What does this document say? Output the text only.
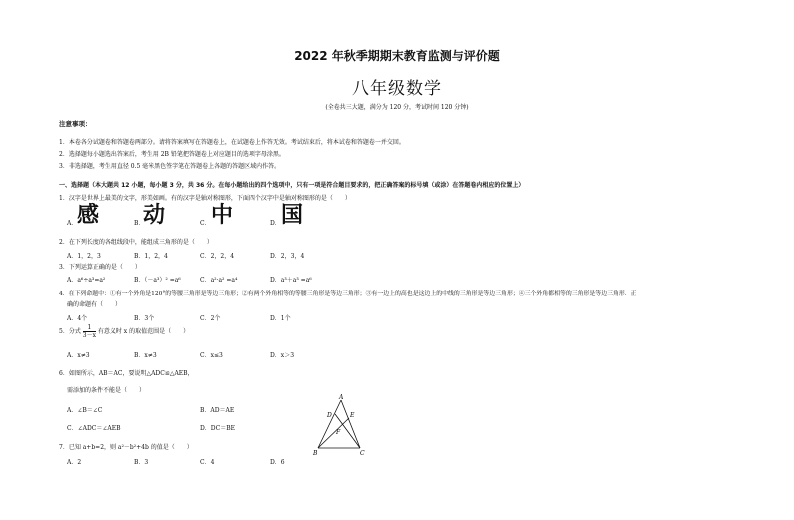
2022 年秋季期期末教育监测与评价题
八年级数学
(全卷共三大题，满分为 120 分，考试时间 120 分钟)
注意事项：
1．本卷各分试题卷和答题卷两部分。请将答案填写在答题卷上，在试题卷上作答无效。考试结束后，将本试卷和答题卷一并交回。
2．选择题每小题选出答案后，考生用 2B 铅笔把答题卷上对应题目的选项字母涂黑。
3．非选择题，考生用直径 0.5 毫米黑色签字笔在答题卷上各题的答题区域内作答。
一、选择题（本大题共 12 小题，每小题 3 分，共 36 分。在每小题给出的四个选项中，只有一项是符合题目要求的，把正确答案的标号填（或涂）在答题卷内相应的位置上）
1．汉字是世界上最美的文字，形美如画。有的汉字是轴对称图形，下面四个汉字中是轴对称图形的是（　　）
A． 感	B．
动	C． 中	D． 国
2．在下列长度的各组线段中，能组成三角形的是（　　）
A．1，2，3	B．1，2，4	C．2，2，4	D．2，3，4
3．下列运算正确的是（　　）
A．a⁶÷a³=a²	B．（－a³）² =a⁶	C．a²·a² =a⁴	D．a³＋a³ =a⁶
4．在下列命题中：①有一个外角是120°的等腰三角形是等边三角形；②有两个外角相等的等腰三角形是等边三角形；③有一边上的高也是这边上的中线的三角形是等边三角形；④三个外角都相等的三角形是等边三角形．正
确的命题有（　　）
A．4个	B．3个	C．2个	D．1个
5．分式 $\frac{1}{3-x}$ 有意义时 x 的取值范围是（　　）
A．x≠3	B．x≠3	C．x≤3	D．x＞3
6．如图所示，AB＝AC，要说明△ADC≌△AEB，
需添加的条件不能是（　　）
A．∠B＝∠C	B．AD＝AE
C．∠ADC＝∠AEB	D．DC＝BE
A
D	E
F
B	C
7．已知 a+b=2，则 a²－b²+4b 的值是（　　）
A．2	B．3	C．4	D．6
